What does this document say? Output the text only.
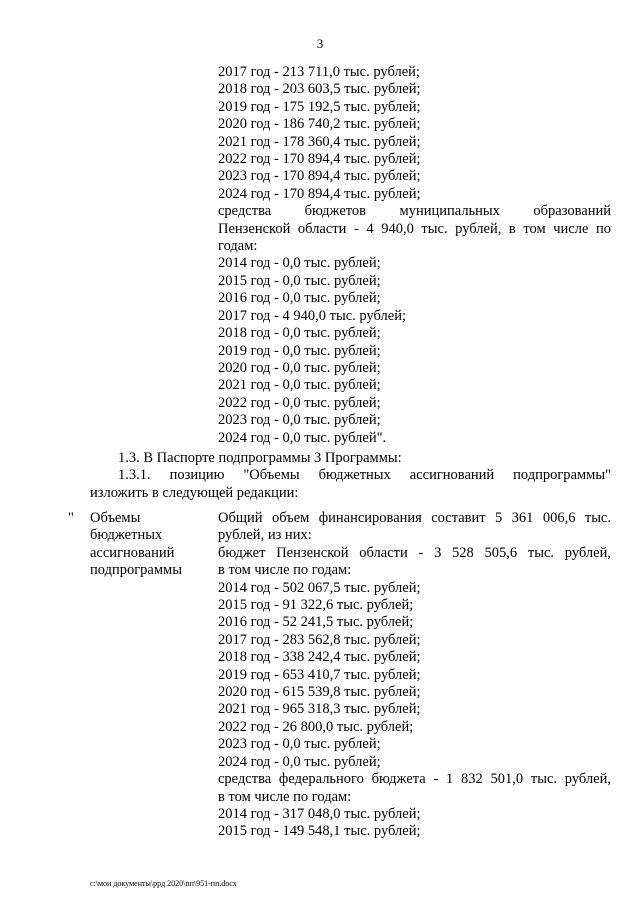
3
2017 год - 213 711,0 тыс. рублей;
2018 год - 203 603,5 тыс. рублей;
2019 год - 175 192,5 тыс. рублей;
2020 год - 186 740,2 тыс. рублей;
2021 год - 178 360,4 тыс. рублей;
2022 год - 170 894,4 тыс. рублей;
2023 год - 170 894,4 тыс. рублей;
2024 год - 170 894,4 тыс. рублей;
средства бюджетов муниципальных образований
Пензенской области - 4 940,0 тыс. рублей, в том числе по
годам:
2014 год - 0,0 тыс. рублей;
2015 год - 0,0 тыс. рублей;
2016 год - 0,0 тыс. рублей;
2017 год - 4 940,0 тыс. рублей;
2018 год - 0,0 тыс. рублей;
2019 год - 0,0 тыс. рублей;
2020 год - 0,0 тыс. рублей;
2021 год - 0,0 тыс. рублей;
2022 год - 0,0 тыс. рублей;
2023 год - 0,0 тыс. рублей;
2024 год - 0,0 тыс. рублей".
1.3. В Паспорте подпрограммы 3 Программы:
1.3.1. позицию "Объемы бюджетных ассигнований подпрограммы"
изложить в следующей редакции:
" Объемы
бюджетных
ассигнований
подпрограммы
Общий объем финансирования составит 5 361 006,6 тыс.
рублей, из них:
бюджет Пензенской области - 3 528 505,6 тыс. рублей,
в том числе по годам:
2014 год - 502 067,5 тыс. рублей;
2015 год - 91 322,6 тыс. рублей;
2016 год - 52 241,5 тыс. рублей;
2017 год - 283 562,8 тыс. рублей;
2018 год - 338 242,4 тыс. рублей;
2019 год - 653 410,7 тыс. рублей;
2020 год - 615 539,8 тыс. рублей;
2021 год - 965 318,3 тыс. рублей;
2022 год - 26 800,0 тыс. рублей;
2023 год - 0,0 тыс. рублей;
2024 год - 0,0 тыс. рублей;
средства федерального бюджета - 1 832 501,0 тыс. рублей,
в том числе по годам:
2014 год - 317 048,0 тыс. рублей;
2015 год - 149 548,1 тыс. рублей;
c:\мои документы\ppд 2020\пп\951-пп.docx
